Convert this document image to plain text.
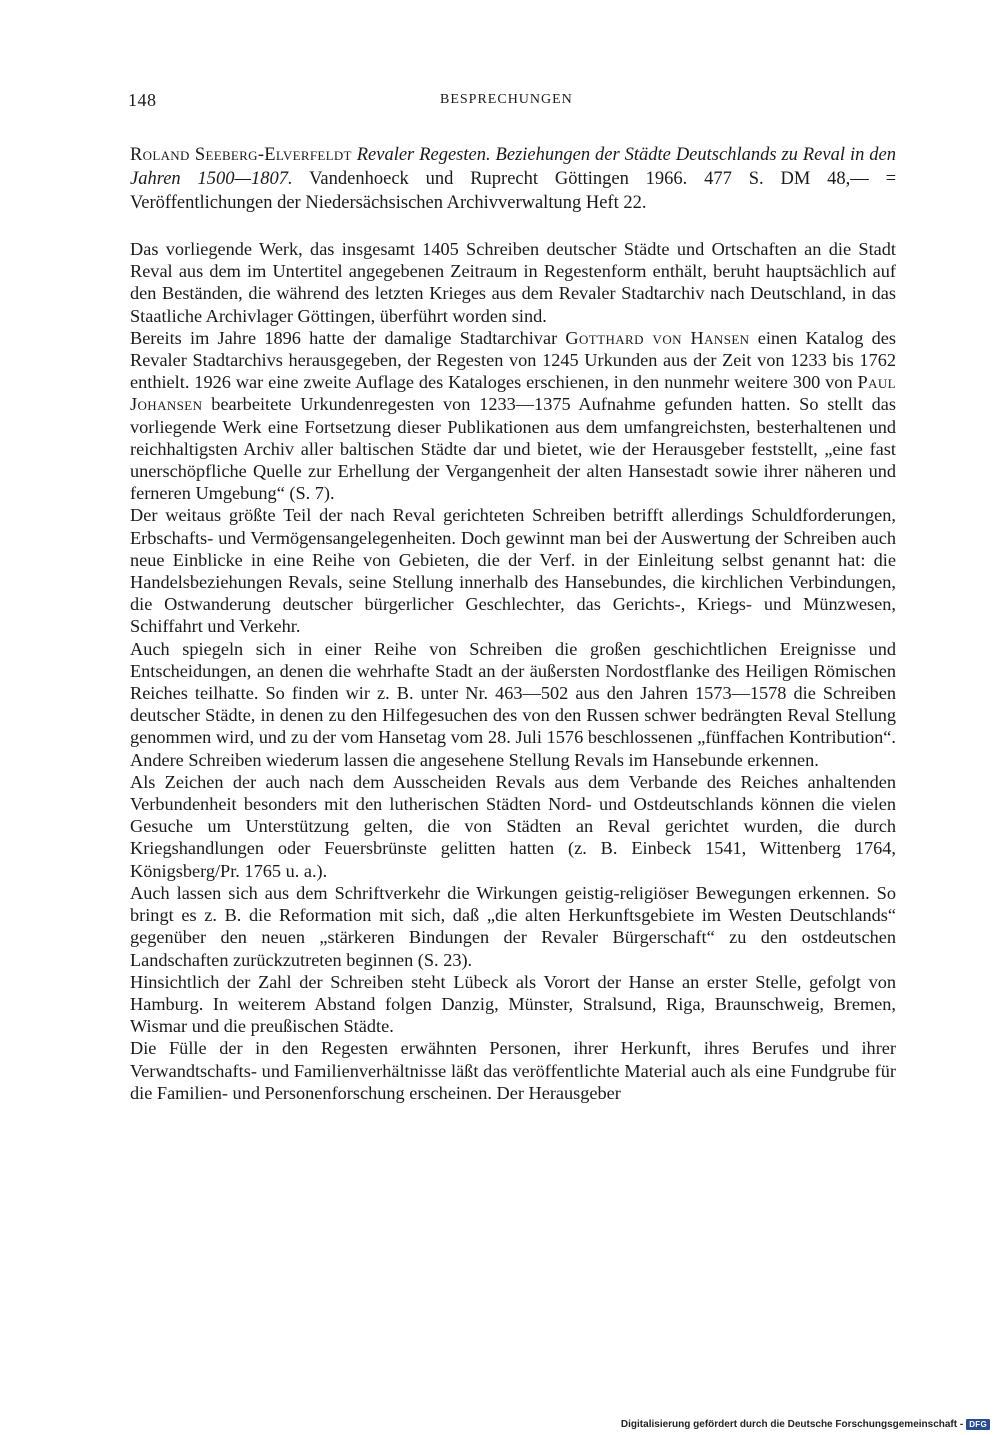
148	BESPRECHUNGEN

Roland Seeberg-Elverfeldt Revaler Regesten. Beziehungen der Städte Deutschlands zu Reval in den Jahren 1500—1807. Vandenhoeck und Ruprecht Göttingen 1966. 477 S. DM 48,— = Veröffentlichungen der Niedersächsischen Archivverwaltung Heft 22.

Das vorliegende Werk, das insgesamt 1405 Schreiben deutscher Städte und Ortschaften an die Stadt Reval aus dem im Untertitel angegebenen Zeitraum in Regestenform enthält, beruht hauptsächlich auf den Beständen, die während des letzten Krieges aus dem Revaler Stadtarchiv nach Deutschland, in das Staatliche Archivlager Göttingen, überführt worden sind.

Bereits im Jahre 1896 hatte der damalige Stadtarchivar Gotthard von Hansen einen Katalog des Revaler Stadtarchivs herausgegeben, der Regesten von 1245 Urkunden aus der Zeit von 1233 bis 1762 enthielt. 1926 war eine zweite Auflage des Kataloges erschienen, in den nunmehr weitere 300 von Paul Johansen bearbeitete Urkundenregesten von 1233—1375 Aufnahme gefunden hatten. So stellt das vorliegende Werk eine Fortsetzung dieser Publikationen aus dem umfangreichsten, besterhaltenen und reichhaltigsten Archiv aller baltischen Städte dar und bietet, wie der Herausgeber feststellt, „eine fast unerschöpfliche Quelle zur Erhellung der Vergangenheit der alten Hansestadt sowie ihrer näheren und ferneren Umgebung“ (S. 7).

Der weitaus größte Teil der nach Reval gerichteten Schreiben betrifft allerdings Schuldforderungen, Erbschafts- und Vermögensangelegenheiten. Doch gewinnt man bei der Auswertung der Schreiben auch neue Einblicke in eine Reihe von Gebieten, die der Verf. in der Einleitung selbst genannt hat: die Handelsbeziehungen Revals, seine Stellung innerhalb des Hansebundes, die kirchlichen Verbindungen, die Ostwanderung deutscher bürgerlicher Geschlechter, das Gerichts-, Kriegs- und Münzwesen, Schiffahrt und Verkehr.

Auch spiegeln sich in einer Reihe von Schreiben die großen geschichtlichen Ereignisse und Entscheidungen, an denen die wehrhafte Stadt an der äußersten Nordostflanke des Heiligen Römischen Reiches teilhatte. So finden wir z. B. unter Nr. 463—502 aus den Jahren 1573—1578 die Schreiben deutscher Städte, in denen zu den Hilfegesuchen des von den Russen schwer bedrängten Reval Stellung genommen wird, und zu der vom Hansetag vom 28. Juli 1576 beschlossenen „fünffachen Kontribution“. Andere Schreiben wiederum lassen die angesehene Stellung Revals im Hansebunde erkennen.

Als Zeichen der auch nach dem Ausscheiden Revals aus dem Verbande des Reiches anhaltenden Verbundenheit besonders mit den lutherischen Städten Nord- und Ostdeutschlands können die vielen Gesuche um Unterstützung gelten, die von Städten an Reval gerichtet wurden, die durch Kriegshandlungen oder Feuersbrünste gelitten hatten (z. B. Einbeck 1541, Wittenberg 1764, Königsberg/Pr. 1765 u. a.).

Auch lassen sich aus dem Schriftverkehr die Wirkungen geistig-religiöser Bewegungen erkennen. So bringt es z. B. die Reformation mit sich, daß „die alten Herkunftsgebiete im Westen Deutschlands“ gegenüber den neuen „stärkeren Bindungen der Revaler Bürgerschaft“ zu den ostdeutschen Landschaften zurückzutreten beginnen (S. 23).

Hinsichtlich der Zahl der Schreiben steht Lübeck als Vorort der Hanse an erster Stelle, gefolgt von Hamburg. In weiterem Abstand folgen Danzig, Münster, Stralsund, Riga, Braunschweig, Bremen, Wismar und die preußischen Städte.

Die Fülle der in den Regesten erwähnten Personen, ihrer Herkunft, ihres Berufes und ihrer Verwandtschafts- und Familienverhältnisse läßt das veröffentlichte Material auch als eine Fundgrube für die Familien- und Personenforschung erscheinen. Der Herausgeber

Digitalisierung gefördert durch die Deutsche Forschungsgemeinschaft - DFG
